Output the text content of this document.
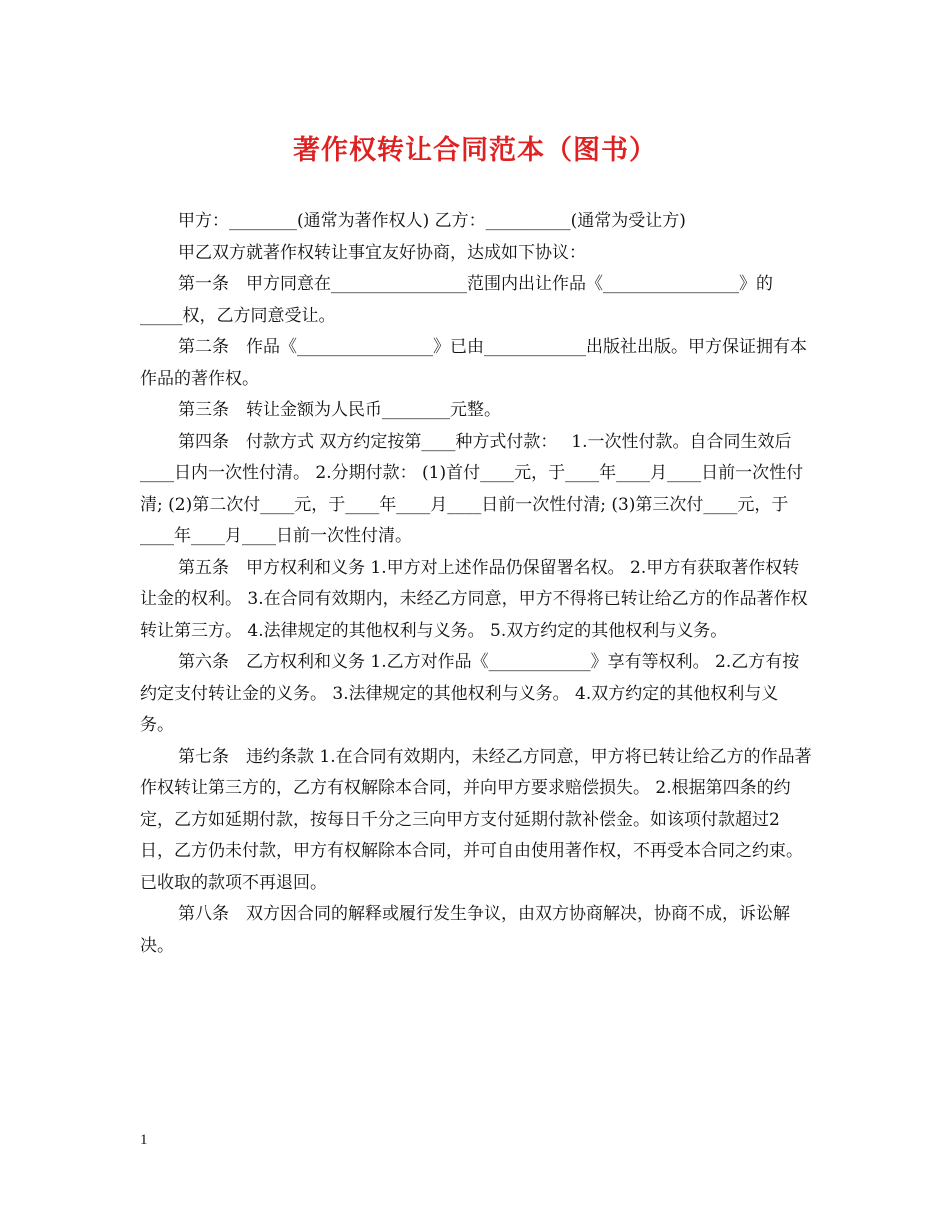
著作权转让合同范本（图书）

甲方：________(通常为著作权人) 乙方：__________(通常为受让方)

甲乙双方就著作权转让事宜友好协商，达成如下协议：

第一条　甲方同意在________________范围内出让作品《________________》的_____权，乙方同意受让。

第二条　作品《________________》已由____________出版社出版。甲方保证拥有本作品的著作权。

第三条　转让金额为人民币________元整。

第四条　付款方式 双方约定按第____种方式付款：　 1.一次性付款。自合同生效后____日内一次性付清。 2.分期付款： (1)首付____元，于____年____月____日前一次性付清; (2)第二次付____元，于____年____月____日前一次性付清; (3)第三次付____元，于____年____月____日前一次性付清。

第五条　甲方权利和义务 1.甲方对上述作品仍保留署名权。 2.甲方有获取著作权转让金的权利。 3.在合同有效期内，未经乙方同意，甲方不得将已转让给乙方的作品著作权转让第三方。 4.法律规定的其他权利与义务。 5.双方约定的其他权利与义务。

第六条　乙方权利和义务 1.乙方对作品《____________》享有等权利。 2.乙方有按约定支付转让金的义务。 3.法律规定的其他权利与义务。 4.双方约定的其他权利与义务。

第七条　违约条款 1.在合同有效期内，未经乙方同意，甲方将已转让给乙方的作品著作权转让第三方的，乙方有权解除本合同，并向甲方要求赔偿损失。 2.根据第四条的约定，乙方如延期付款，按每日千分之三向甲方支付延期付款补偿金。如该项付款超过2日，乙方仍未付款，甲方有权解除本合同，并可自由使用著作权，不再受本合同之约束。已收取的款项不再退回。

第八条　双方因合同的解释或履行发生争议，由双方协商解决，协商不成，诉讼解决。

1
